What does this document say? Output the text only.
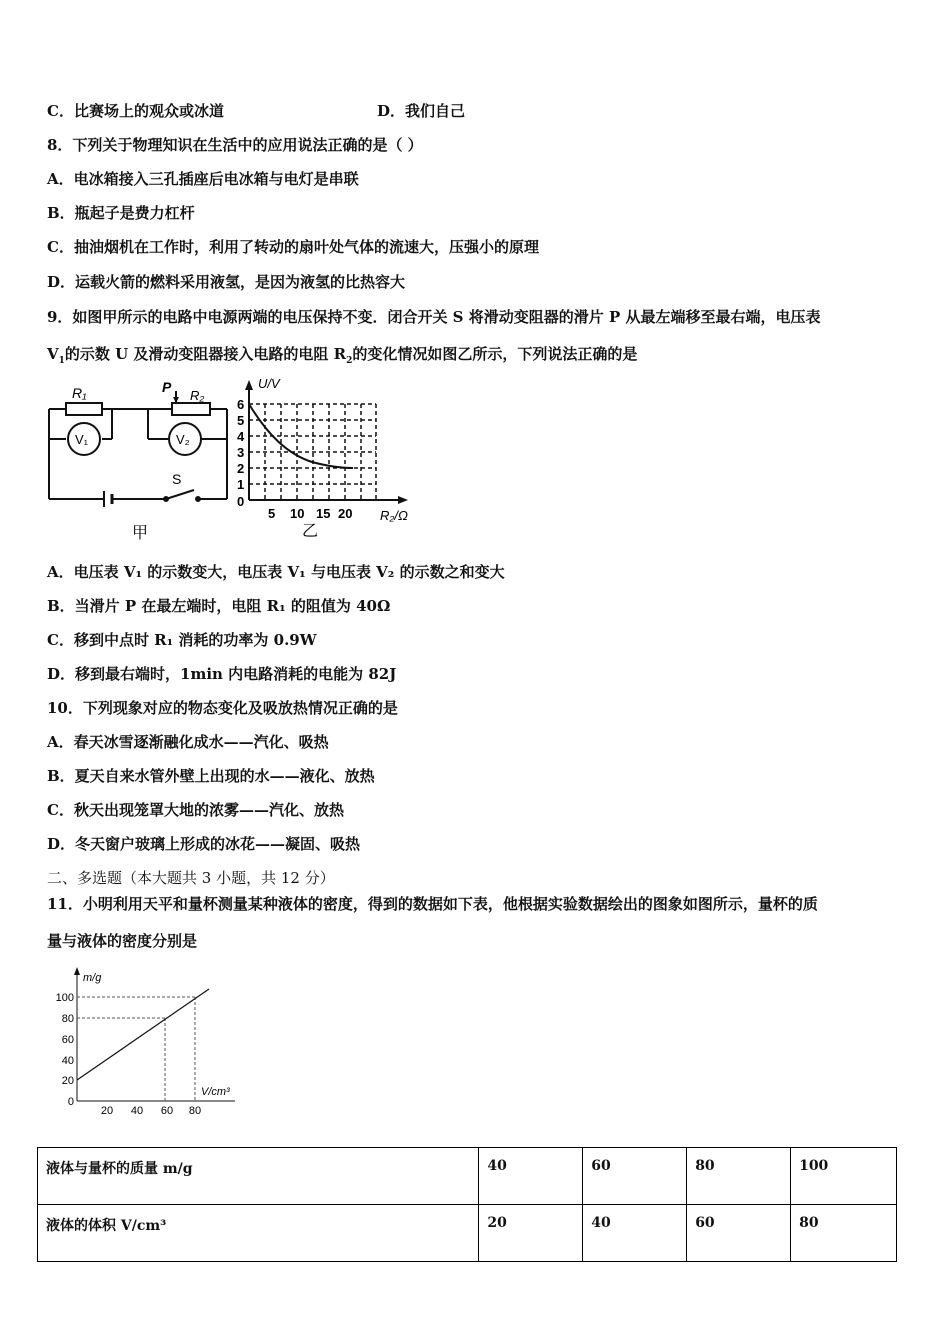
C．比赛场上的观众或冰道	D．我们自己
8．下列关于物理知识在生活中的应用说法正确的是（ ）
A．电冰箱接入三孔插座后电冰箱与电灯是串联
B．瓶起子是费力杠杆
C．抽油烟机在工作时，利用了转动的扇叶处气体的流速大，压强小的原理
D．运载火箭的燃料采用液氢，是因为液氢的比热容大
9．如图甲所示的电路中电源两端的电压保持不变．闭合开关 S 将滑动变阻器的滑片 P 从最左端移至最右端，电压表
$V_1$的示数 U 及滑动变阻器接入电路的电阻 $R_2$的变化情况如图乙所示，下列说法正确的是
R₁	P
R₂
V₁	V₂
S
甲
U/V
6
5
4
3
2
1
0
5 10 15 20 R₂/Ω
乙
A．电压表 V₁ 的示数变大，电压表 V₁ 与电压表 V₂ 的示数之和变大
B．当滑片 P 在最左端时，电阻 R₁ 的阻值为 40Ω
C．移到中点时 R₁ 消耗的功率为 0.9W
D．移到最右端时，1min 内电路消耗的电能为 82J
10．下列现象对应的物态变化及吸放热情况正确的是
A．春天冰雪逐渐融化成水——汽化、吸热
B．夏天自来水管外壁上出现的水——液化、放热
C．秋天出现笼罩大地的浓雾——汽化、放热
D．冬天窗户玻璃上形成的冰花——凝固、吸热
二、多选题（本大题共 3 小题，共 12 分）
11．小明利用天平和量杯测量某种液体的密度，得到的数据如下表，他根据实验数据绘出的图象如图所示，量杯的质
量与液体的密度分别是
m/g
100
80
60
40
20
0
20 40 60 80
V/cm³
液体与量杯的质量 m/g	40	60	80	100
液体的体积 V/cm³	20	40	60	80
